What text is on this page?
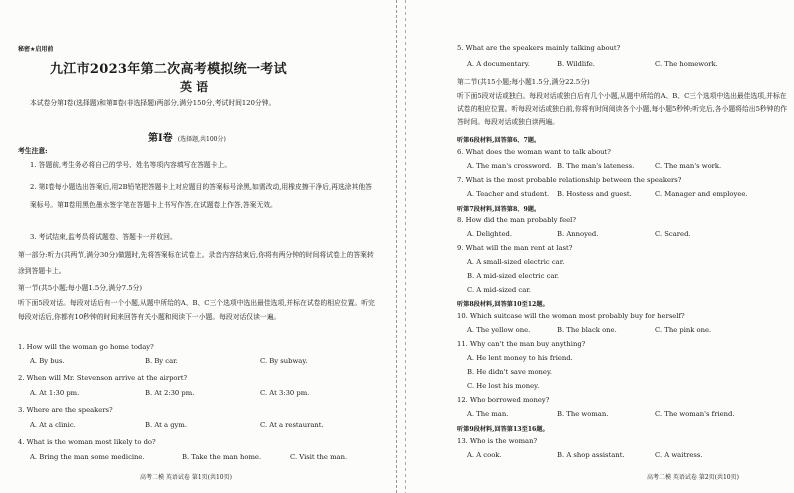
秘密★启用前
九江市2023年第二次高考模拟统一考试
英 语
本试卷分第Ⅰ卷(选择题)和第Ⅱ卷(非选择题)两部分,满分150分,考试时间120分钟。
第Ⅰ卷 (选择题,共100分)
考生注意:
1. 答题前,考生务必将自己的学号、姓名等项内容填写在答题卡上。
2. 第Ⅰ卷每小题选出答案后,用2B铅笔把答题卡上对应题目的答案标号涂黑,如需改动,用橡皮擦干净后,再选涂其他答案标号。第Ⅱ卷用黑色墨水签字笔在答题卡上书写作答,在试题卷上作答,答案无效。
3. 考试结束,监考员将试题卷、答题卡一并收回。
第一部分:听力(共两节,满分30分)做题时,先将答案标在试卷上。录音内容结束后,你将有两分钟的时间将试卷上的答案转涂到答题卡上。
第一节(共5小题;每小题1.5分,满分7.5分)
听下面5段对话。每段对话后有一个小题,从题中所给的A、B、C三个选项中选出最佳选项,并标在试卷的相应位置。听完每段对话后,你都有10秒钟的时间来回答有关小题和阅读下一小题。每段对话仅读一遍。
1. How will the woman go home today?
A. By bus.	B. By car.	C. By subway.
2. When will Mr. Stevenson arrive at the airport?
A. At 1:30 pm.	B. At 2:30 pm.	C. At 3:30 pm.
3. Where are the speakers?
A. At a clinic.	B. At a gym.	C. At a restaurant.
4. What is the woman most likely to do?
A. Bring the man some medicine.	B. Take the man home.	C. Visit the man.
高考二模 英语试卷 第1页(共10页)
5. What are the speakers mainly talking about?
A. A documentary.	B. Wildlife.	C. The homework.
第二节(共15小题;每小题1.5分,满分22.5分)
听下面5段对话或独白。每段对话或独白后有几个小题,从题中所给的A、B、C三个选项中选出最佳选项,并标在试卷的相应位置。听每段对话或独白前,你将有时间阅读各个小题,每小题5秒钟;听完后,各小题将给出5秒钟的作答时间。每段对话或独白读两遍。
听第6段材料,回答第6、7题。
6. What does the woman want to talk about?
A. The man's crossword. B. The man's lateness.	C. The man's work.
7. What is the most probable relationship between the speakers?
A. Teacher and student. B. Hostess and guest.	C. Manager and employee.
听第7段材料,回答第8、9题。
8. How did the man probably feel?
A. Delighted.	B. Annoyed.	C. Scared.
9. What will the man rent at last?
A. A small-sized electric car.
B. A mid-sized electric car.
C. A mid-sized car.
听第8段材料,回答第10至12题。
10. Which suitcase will the woman most probably buy for herself?
A. The yellow one.	B. The black one.	C. The pink one.
11. Why can't the man buy anything?
A. He lent money to his friend.
B. He didn't save money.
C. He lost his money.
12. Who borrowed money?
A. The man.	B. The woman.	C. The woman's friend.
听第9段材料,回答第13至16题。
13. Who is the woman?
A. A cook.	B. A shop assistant.	C. A waitress.
高考二模 英语试卷 第2页(共10页)
